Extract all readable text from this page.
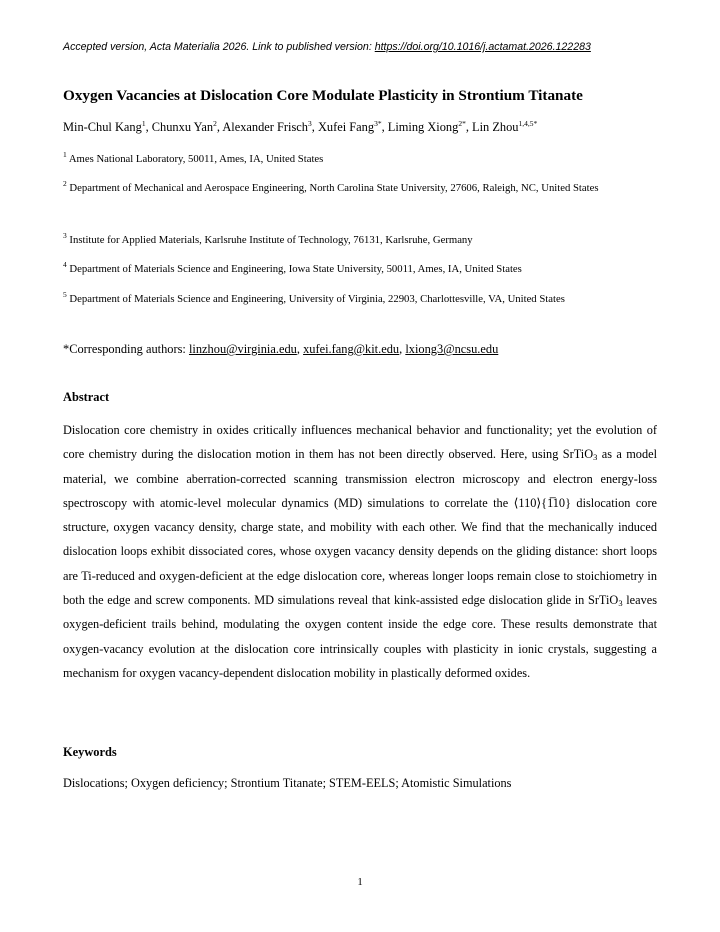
Accepted version, Acta Materialia 2026. Link to published version: https://doi.org/10.1016/j.actamat.2026.122283
Oxygen Vacancies at Dislocation Core Modulate Plasticity in Strontium Titanate
Min-Chul Kang$^1$, Chunxu Yan$^2$, Alexander Frisch$^3$, Xufei Fang$^{3*}$, Liming Xiong$^{2*}$, Lin Zhou$^{1,4,5*}$
$^1$ Ames National Laboratory, 50011, Ames, IA, United States
$^2$ Department of Mechanical and Aerospace Engineering, North Carolina State University, 27606, Raleigh, NC, United States
$^3$ Institute for Applied Materials, Karlsruhe Institute of Technology, 76131, Karlsruhe, Germany
$^4$ Department of Materials Science and Engineering, Iowa State University, 50011, Ames, IA, United States
$^5$ Department of Materials Science and Engineering, University of Virginia, 22903, Charlottesville, VA, United States
*Corresponding authors: linzhou@virginia.edu, xufei.fang@kit.edu, lxiong3@ncsu.edu
Abstract

Dislocation core chemistry in oxides critically influences mechanical behavior and functionality; yet the evolution of core chemistry during the dislocation motion in them has not been directly observed. Here, using SrTiO$_3$ as a model material, we combine aberration-corrected scanning transmission electron microscopy and electron energy-loss spectroscopy with atomic-level molecular dynamics (MD) simulations to correlate the ⟨110⟩{1̅10} dislocation core structure, oxygen vacancy density, charge state, and mobility with each other. We find that the mechanically induced dislocation loops exhibit dissociated cores, whose oxygen vacancy density depends on the gliding distance: short loops are Ti-reduced and oxygen-deficient at the edge dislocation core, whereas longer loops remain close to stoichiometry in both the edge and screw components. MD simulations reveal that kink-assisted edge dislocation glide in SrTiO$_3$ leaves oxygen-deficient trails behind, modulating the oxygen content inside the edge core. These results demonstrate that oxygen-vacancy evolution at the dislocation core intrinsically couples with plasticity in ionic crystals, suggesting a mechanism for oxygen vacancy-dependent dislocation mobility in plastically deformed oxides.

Keywords
Dislocations; Oxygen deficiency; Strontium Titanate; STEM-EELS; Atomistic Simulations
1
